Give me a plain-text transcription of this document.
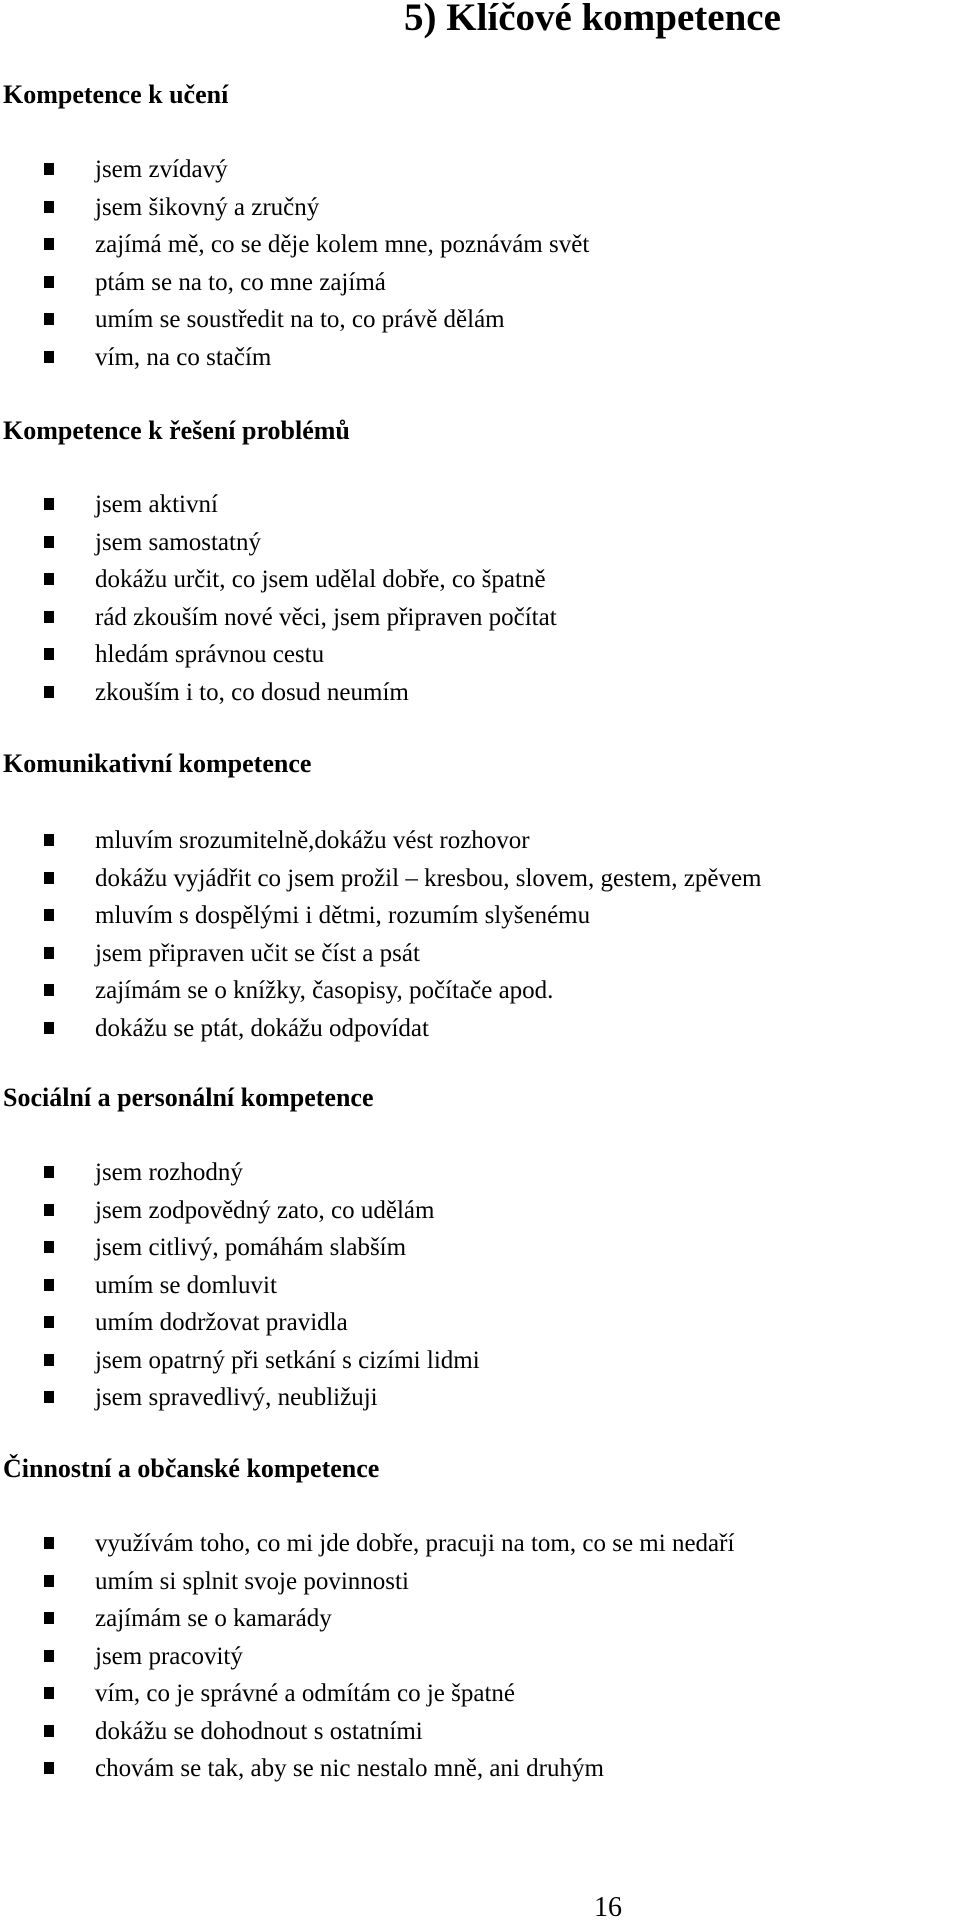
5) Klíčové kompetence
Kompetence k učení
jsem zvídavý
jsem šikovný a zručný
zajímá mě, co se děje kolem mne, poznávám svět
ptám se na to, co mne zajímá
umím se soustředit na to, co právě dělám
vím, na co stačím
Kompetence k řešení problémů
jsem aktivní
jsem samostatný
dokážu určit, co jsem udělal dobře, co špatně
rád zkouším nové věci, jsem připraven počítat
hledám správnou cestu
zkouším i to, co dosud neumím
Komunikativní kompetence
mluvím srozumitelně,dokážu vést rozhovor
dokážu vyjádřit co jsem prožil – kresbou, slovem, gestem, zpěvem
mluvím s dospělými i dětmi, rozumím slyšenému
jsem připraven učit se číst a psát
zajímám se o knížky, časopisy, počítače apod.
dokážu se ptát, dokážu odpovídat
Sociální a personální kompetence
jsem rozhodný
jsem zodpovědný zato, co udělám
jsem citlivý, pomáhám slabším
umím se domluvit
umím dodržovat pravidla
jsem opatrný při setkání s cizími lidmi
jsem spravedlivý, neubližuji
Činnostní a občanské kompetence
využívám toho, co mi jde dobře, pracuji na tom, co se mi nedaří
umím si splnit svoje povinnosti
zajímám se o kamarády
jsem pracovitý
vím, co je správné a odmítám co je špatné
dokážu se dohodnout s ostatními
chovám se tak, aby se nic nestalo mně, ani druhým
16
